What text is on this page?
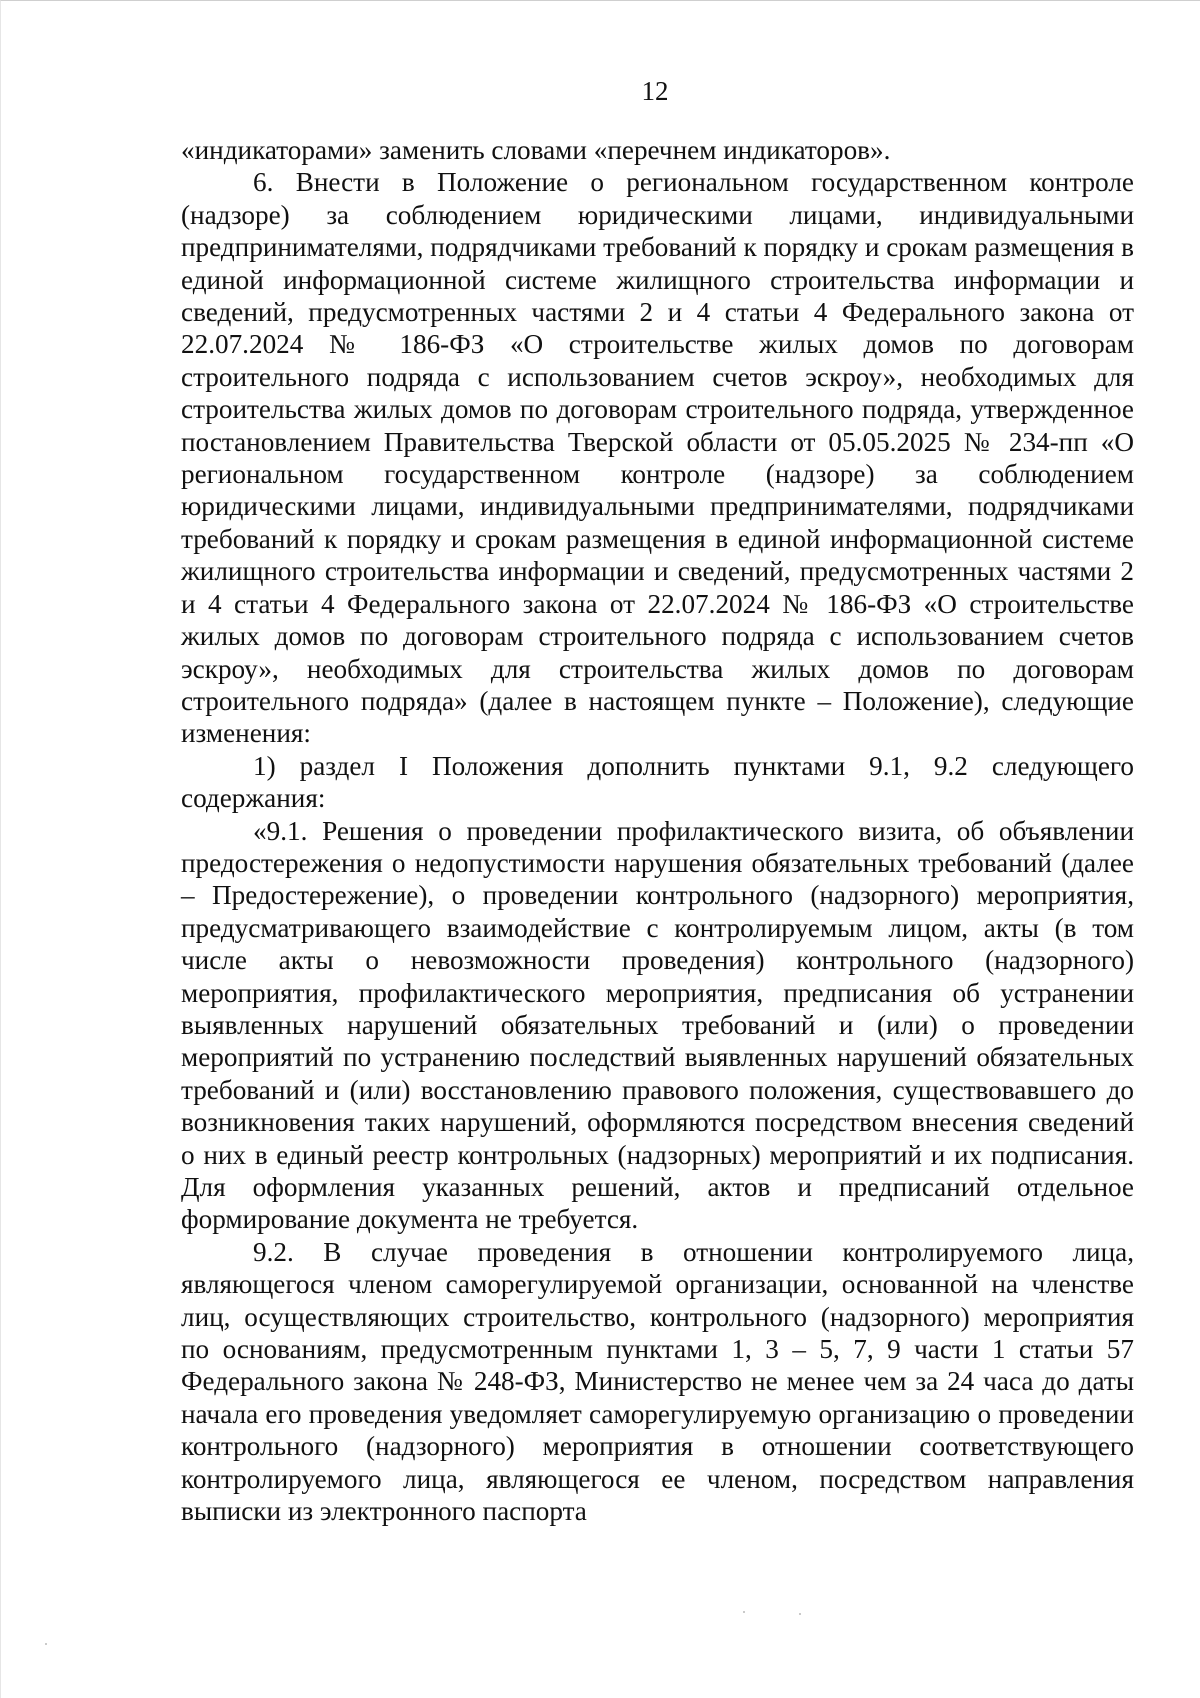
12

«индикаторами» заменить словами «перечнем индикаторов».

6. Внести в Положение о региональном государственном контроле (надзоре) за соблюдением юридическими лицами, индивидуальными предпринимателями, подрядчиками требований к порядку и срокам размещения в единой информационной системе жилищного строительства информации и сведений, предусмотренных частями 2 и 4 статьи 4 Федерального закона от 22.07.2024 № 186-ФЗ «О строительстве жилых домов по договорам строительного подряда с использованием счетов эскроу», необходимых для строительства жилых домов по договорам строительного подряда, утвержденное постановлением Правительства Тверской области от 05.05.2025 № 234-пп «О региональном государственном контроле (надзоре) за соблюдением юридическими лицами, индивидуальными предпринимателями, подрядчиками требований к порядку и срокам размещения в единой информационной системе жилищного строительства информации и сведений, предусмотренных частями 2 и 4 статьи 4 Федерального закона от 22.07.2024 № 186-ФЗ «О строительстве жилых домов по договорам строительного подряда с использованием счетов эскроу», необходимых для строительства жилых домов по договорам строительного подряда» (далее в настоящем пункте – Положение), следующие изменения:

1) раздел I Положения дополнить пунктами 9.1, 9.2 следующего содержания:

«9.1. Решения о проведении профилактического визита, об объявлении предостережения о недопустимости нарушения обязательных требований (далее – Предостережение), о проведении контрольного (надзорного) мероприятия, предусматривающего взаимодействие с контролируемым лицом, акты (в том числе акты о невозможности проведения) контрольного (надзорного) мероприятия, профилактического мероприятия, предписания об устранении выявленных нарушений обязательных требований и (или) о проведении мероприятий по устранению последствий выявленных нарушений обязательных требований и (или) восстановлению правового положения, существовавшего до возникновения таких нарушений, оформляются посредством внесения сведений о них в единый реестр контрольных (надзорных) мероприятий и их подписания. Для оформления указанных решений, актов и предписаний отдельное формирование документа не требуется.

9.2. В случае проведения в отношении контролируемого лица, являющегося членом саморегулируемой организации, основанной на членстве лиц, осуществляющих строительство, контрольного (надзорного) мероприятия по основаниям, предусмотренным пунктами 1, 3 – 5, 7, 9 части 1 статьи 57 Федерального закона № 248-ФЗ, Министерство не менее чем за 24 часа до даты начала его проведения уведомляет саморегулируемую организацию о проведении контрольного (надзорного) мероприятия в отношении соответствующего контролируемого лица, являющегося ее членом, посредством направления выписки из электронного паспорта
